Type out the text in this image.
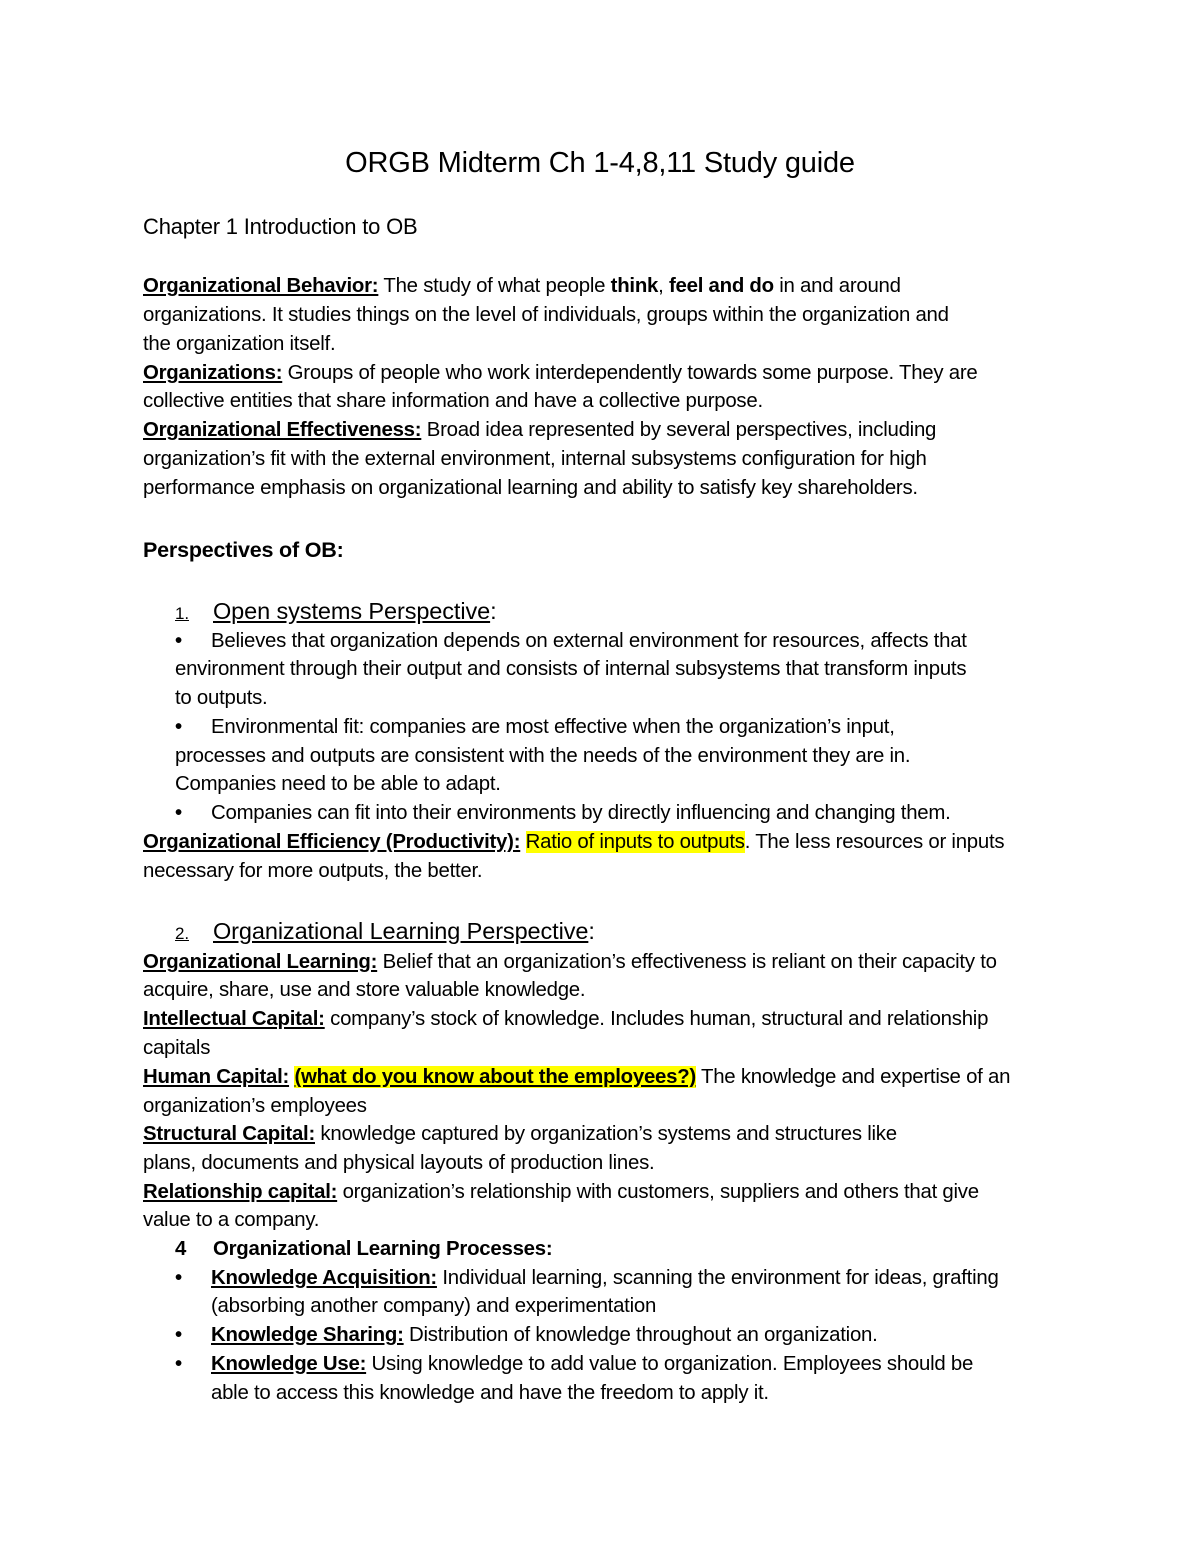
ORGB Midterm Ch 1-4,8,11 Study guide
Chapter 1 Introduction to OB
Organizational Behavior: The study of what people think, feel and do in and around
organizations. It studies things on the level of individuals, groups within the organization and
the organization itself.
Organizations: Groups of people who work interdependently towards some purpose. They are
collective entities that share information and have a collective purpose.
Organizational Effectiveness: Broad idea represented by several perspectives, including
organization’s fit with the external environment, internal subsystems configuration for high
performance emphasis on organizational learning and ability to satisfy key shareholders.
Perspectives of OB:
1. Open systems Perspective:
• Believes that organization depends on external environment for resources, affects that
environment through their output and consists of internal subsystems that transform inputs
to outputs.
• Environmental fit: companies are most effective when the organization’s input,
processes and outputs are consistent with the needs of the environment they are in.
Companies need to be able to adapt.
• Companies can fit into their environments by directly influencing and changing them.
Organizational Efficiency (Productivity): Ratio of inputs to outputs. The less resources or inputs
necessary for more outputs, the better.
2. Organizational Learning Perspective:
Organizational Learning: Belief that an organization’s effectiveness is reliant on their capacity to
acquire, share, use and store valuable knowledge.
Intellectual Capital: company’s stock of knowledge. Includes human, structural and relationship
capitals
Human Capital: (what do you know about the employees?) The knowledge and expertise of an
organization’s employees
Structural Capital: knowledge captured by organization’s systems and structures like
plans, documents and physical layouts of production lines.
Relationship capital: organization’s relationship with customers, suppliers and others that give
value to a company.
4 Organizational Learning Processes:
• Knowledge Acquisition: Individual learning, scanning the environment for ideas, grafting
(absorbing another company) and experimentation
• Knowledge Sharing: Distribution of knowledge throughout an organization.
• Knowledge Use: Using knowledge to add value to organization. Employees should be
able to access this knowledge and have the freedom to apply it.
